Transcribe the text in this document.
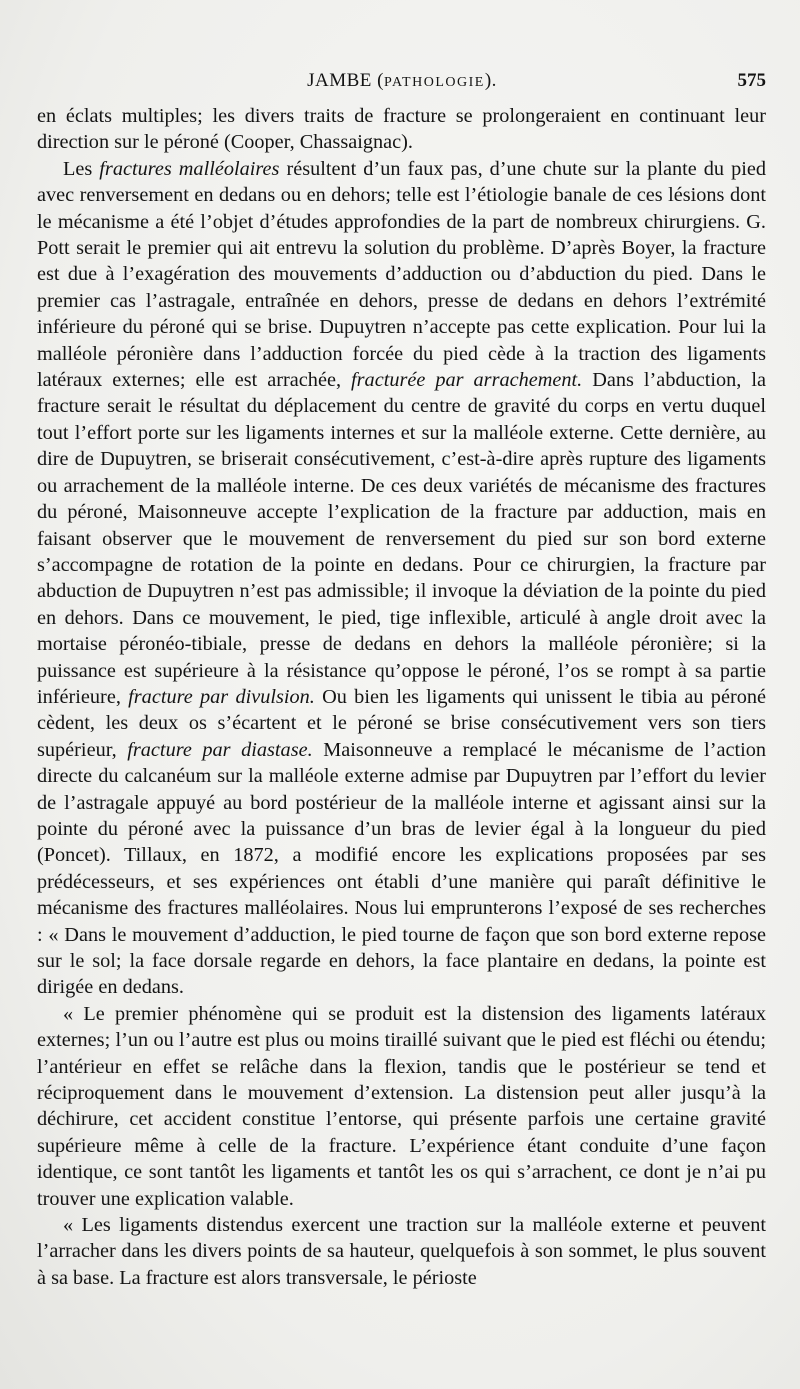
JAMBE (PATHOLOGIE).	575

en éclats multiples; les divers traits de fracture se prolongeraient en continuant leur direction sur le péroné (Cooper, Chassaignac).

Les fractures malléolaires résultent d’un faux pas, d’une chute sur la plante du pied avec renversement en dedans ou en dehors; telle est l’étiologie banale de ces lésions dont le mécanisme a été l’objet d’études approfondies de la part de nombreux chirurgiens. G. Pott serait le premier qui ait entrevu la solution du problème. D’après Boyer, la fracture est due à l’exagération des mouvements d’adduction ou d’abduction du pied. Dans le premier cas l’astragale, entraînée en dehors, presse de dedans en dehors l’extrémité inférieure du péroné qui se brise. Dupuytren n’accepte pas cette explication. Pour lui la malléole péronière dans l’adduction forcée du pied cède à la traction des ligaments latéraux externes; elle est arrachée, fracturée par arrachement. Dans l’abduction, la fracture serait le résultat du déplacement du centre de gravité du corps en vertu duquel tout l’effort porte sur les ligaments internes et sur la malléole externe. Cette dernière, au dire de Dupuytren, se briserait consécutivement, c’est-à-dire après rupture des ligaments ou arrachement de la malléole interne. De ces deux variétés de mécanisme des fractures du péroné, Maisonneuve accepte l’explication de la fracture par adduction, mais en faisant observer que le mouvement de renversement du pied sur son bord externe s’accompagne de rotation de la pointe en dedans. Pour ce chirurgien, la fracture par abduction de Dupuytren n’est pas admissible; il invoque la déviation de la pointe du pied en dehors. Dans ce mouvement, le pied, tige inflexible, articulé à angle droit avec la mortaise péronéo-tibiale, presse de dedans en dehors la malléole péronière; si la puissance est supérieure à la résistance qu’oppose le péroné, l’os se rompt à sa partie inférieure, fracture par divulsion. Ou bien les ligaments qui unissent le tibia au péroné cèdent, les deux os s’écartent et le péroné se brise consécutivement vers son tiers supérieur, fracture par diastase. Maisonneuve a remplacé le mécanisme de l’action directe du calcanéum sur la malléole externe admise par Dupuytren par l’effort du levier de l’astragale appuyé au bord postérieur de la malléole interne et agissant ainsi sur la pointe du péroné avec la puissance d’un bras de levier égal à la longueur du pied (Poncet). Tillaux, en 1872, a modifié encore les explications proposées par ses prédécesseurs, et ses expériences ont établi d’une manière qui paraît définitive le mécanisme des fractures malléolaires. Nous lui emprunterons l’exposé de ses recherches : « Dans le mouvement d’adduction, le pied tourne de façon que son bord externe repose sur le sol; la face dorsale regarde en dehors, la face plantaire en dedans, la pointe est dirigée en dedans.

« Le premier phénomène qui se produit est la distension des ligaments latéraux externes; l’un ou l’autre est plus ou moins tiraillé suivant que le pied est fléchi ou étendu; l’antérieur en effet se relâche dans la flexion, tandis que le postérieur se tend et réciproquement dans le mouvement d’extension. La distension peut aller jusqu’à la déchirure, cet accident constitue l’entorse, qui présente parfois une certaine gravité supérieure même à celle de la fracture. L’expérience étant conduite d’une façon identique, ce sont tantôt les ligaments et tantôt les os qui s’arrachent, ce dont je n’ai pu trouver une explication valable.

« Les ligaments distendus exercent une traction sur la malléole externe et peuvent l’arracher dans les divers points de sa hauteur, quelquefois à son sommet, le plus souvent à sa base. La fracture est alors transversale, le périoste
